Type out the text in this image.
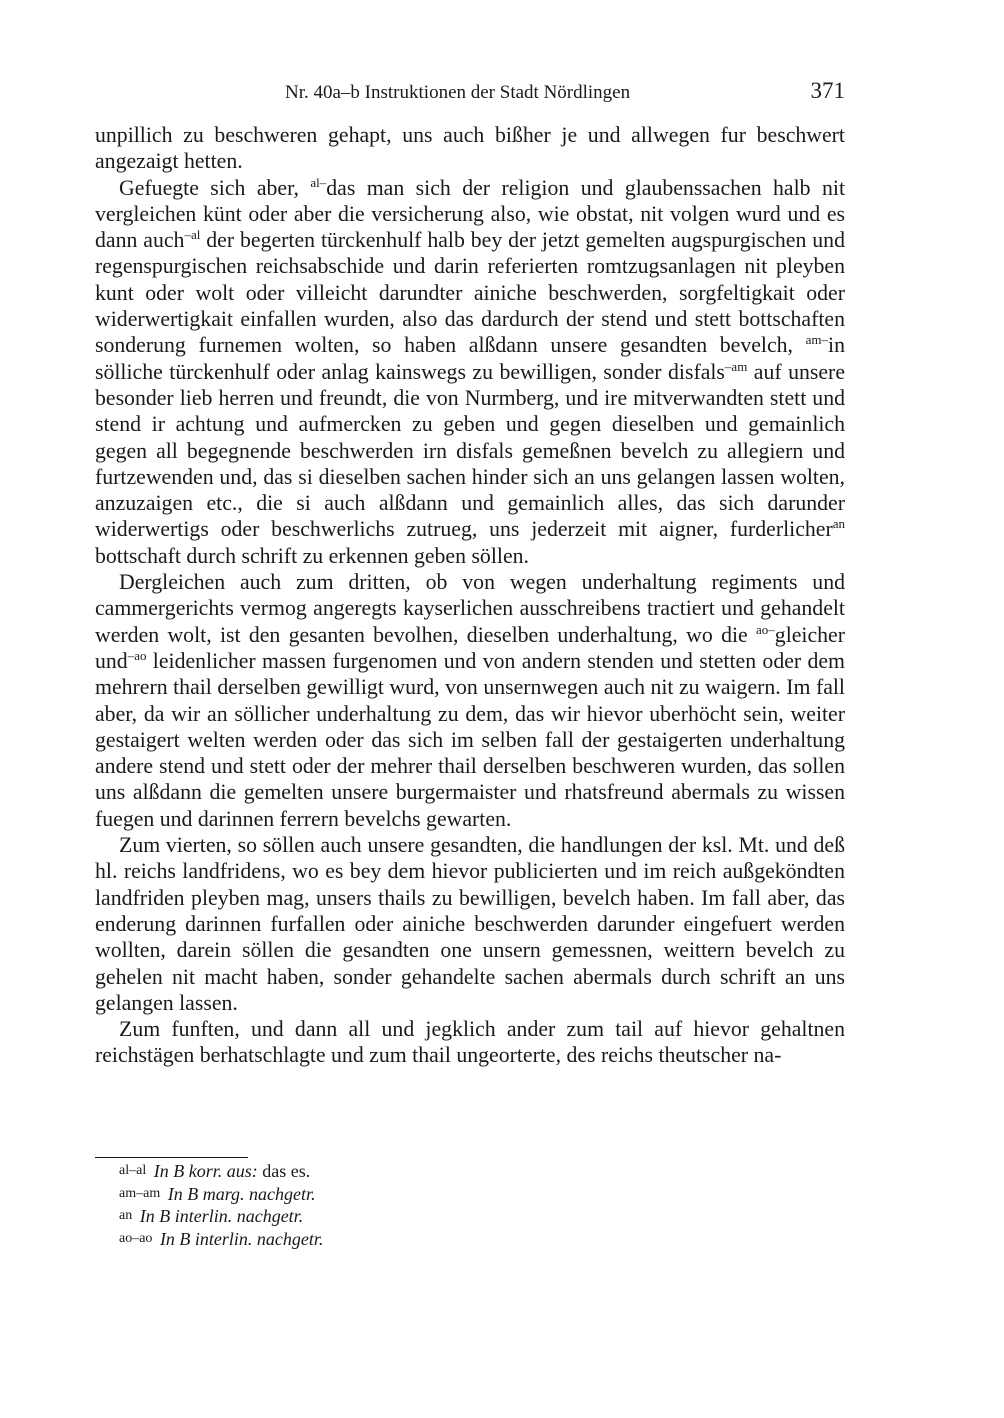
Nr. 40a–b Instruktionen der Stadt Nördlingen	371

unpillich zu beschweren gehapt, uns auch bißher je und allwegen fur beschwert angezaigt hetten.

Gefuegte sich aber, $^{al-}$das man sich der religion und glaubenssachen halb nit vergleichen künt oder aber die versicherung also, wie obstat, nit volgen wurd und es dann auch$^{-al}$ der begerten türckenhulf halb bey der jetzt gemelten augspurgischen und regenspurgischen reichsabschide und darin referierten romtzugsanlagen nit pleyben kunt oder wolt oder villeicht darundter ainiche beschwerden, sorgfeltigkait oder widerwertigkait einfallen wurden, also das dardurch der stend und stett bottschaften sonderung furnemen wolten, so haben alßdann unsere gesandten bevelch, $^{am-}$in sölliche türckenhulf oder anlag kainswegs zu bewilligen, sonder disfals$^{-am}$ auf unsere besonder lieb herren und freundt, die von Nurmberg, und ire mitverwandten stett und stend ir achtung und aufmercken zu geben und gegen dieselben und gemainlich gegen all begegnende beschwerden irn disfals gemeßnen bevelch zu allegiern und furtzewenden und, das si dieselben sachen hinder sich an uns gelangen lassen wolten, anzuzaigen etc., die si auch alßdann und gemainlich alles, das sich darunder widerwertigs oder beschwerlichs zutrueg, uns jederzeit mit aigner, furderlicher$^{an}$ bottschaft durch schrift zu erkennen geben söllen.

Dergleichen auch zum dritten, ob von wegen underhaltung regiments und cammergerichts vermog angeregts kayserlichen ausschreibens tractiert und gehandelt werden wolt, ist den gesanten bevolhen, dieselben underhaltung, wo die $^{ao-}$gleicher und$^{-ao}$ leidenlicher massen furgenomen und von andern stenden und stetten oder dem mehrern thail derselben gewilligt wurd, von unsernwegen auch nit zu waigern. Im fall aber, da wir an söllicher underhaltung zu dem, das wir hievor uberhöcht sein, weiter gestaigert welten werden oder das sich im selben fall der gestaigerten underhaltung andere stend und stett oder der mehrer thail derselben beschweren wurden, das sollen uns alßdann die gemelten unsere burgermaister und rhatsfreund abermals zu wissen fuegen und darinnen ferrern bevelchs gewarten.

Zum vierten, so söllen auch unsere gesandten, die handlungen der ksl. Mt. und deß hl. reichs landfridens, wo es bey dem hievor publicierten und im reich außgeköndten landfriden pleyben mag, unsers thails zu bewilligen, bevelch haben. Im fall aber, das enderung darinnen furfallen oder ainiche beschwerden darunder eingefuert werden wollten, darein söllen die gesandten one unsern gemessnen, weittern bevelch zu gehelen nit macht haben, sonder gehandelte sachen abermals durch schrift an uns gelangen lassen.

Zum funften, und dann all und jegklich ander zum tail auf hievor gehaltnen reichstägen berhatschlagte und zum thail ungeorterte, des reichs theutscher na-

al–al In B korr. aus: das es.
am–am In B marg. nachgetr.
an In B interlin. nachgetr.
ao–ao In B interlin. nachgetr.
